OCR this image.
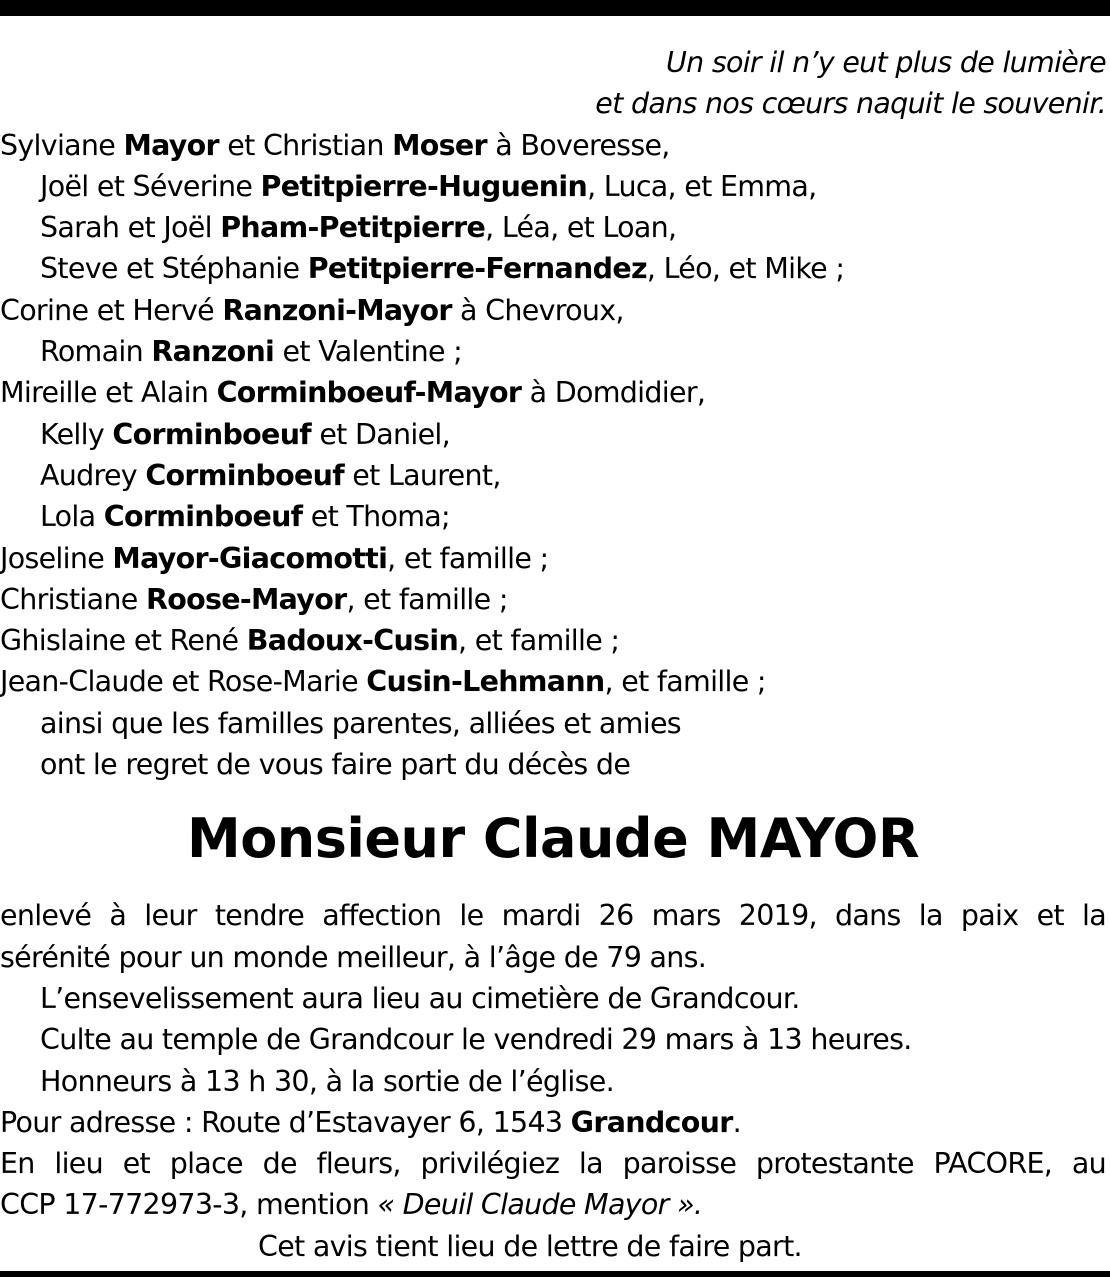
Un soir il n’y eut plus de lumière
et dans nos cœurs naquit le souvenir.
Sylviane Mayor et Christian Moser à Boveresse,
Joël et Séverine Petitpierre-Huguenin, Luca, et Emma,
Sarah et Joël Pham-Petitpierre, Léa, et Loan,
Steve et Stéphanie Petitpierre-Fernandez, Léo, et Mike ;
Corine et Hervé Ranzoni-Mayor à Chevroux,
Romain Ranzoni et Valentine ;
Mireille et Alain Corminboeuf-Mayor à Domdidier,
Kelly Corminboeuf et Daniel,
Audrey Corminboeuf et Laurent,
Lola Corminboeuf et Thoma;
Joseline Mayor-Giacomotti, et famille ;
Christiane Roose-Mayor, et famille ;
Ghislaine et René Badoux-Cusin, et famille ;
Jean-Claude et Rose-Marie Cusin-Lehmann, et famille ;
ainsi que les familles parentes, alliées et amies
ont le regret de vous faire part du décès de
Monsieur Claude MAYOR
enlevé à leur tendre affection le mardi 26 mars 2019, dans la paix et la
sérénité pour un monde meilleur, à l’âge de 79 ans.
L’ensevelissement aura lieu au cimetière de Grandcour.
Culte au temple de Grandcour le vendredi 29 mars à 13 heures.
Honneurs à 13 h 30, à la sortie de l’église.
Pour adresse : Route d’Estavayer 6, 1543 Grandcour.
En lieu et place de fleurs, privilégiez la paroisse protestante PACORE, au
CCP 17-772973-3, mention « Deuil Claude Mayor ».
Cet avis tient lieu de lettre de faire part.
